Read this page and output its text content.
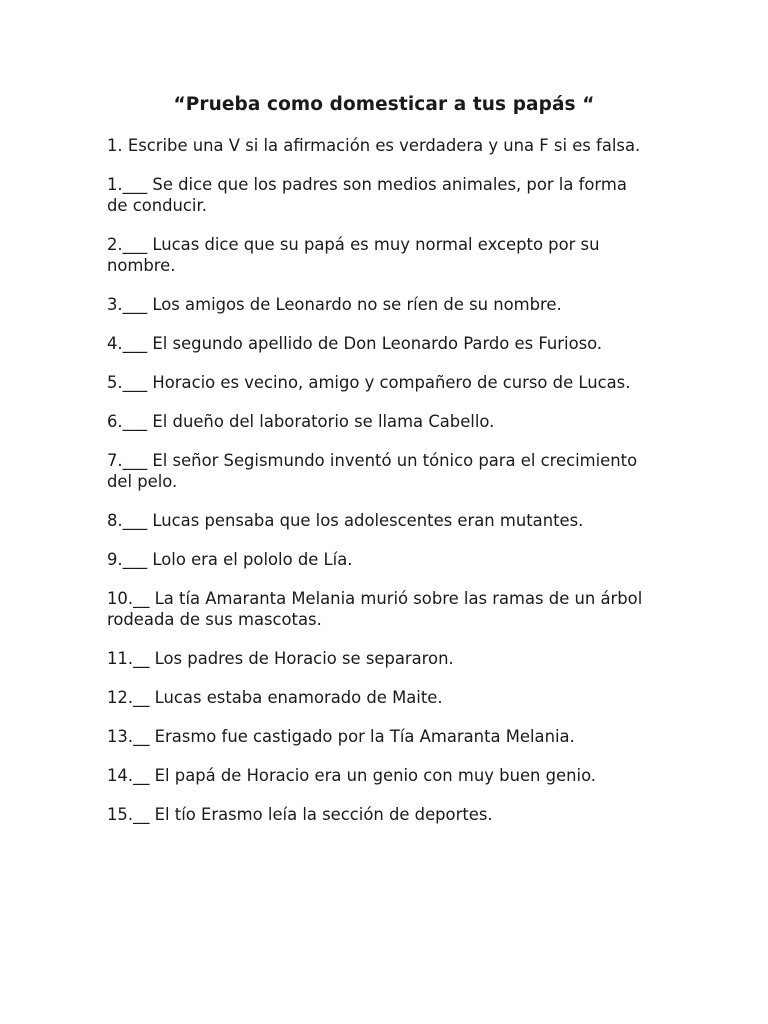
“Prueba como domesticar a tus papás “

1. Escribe una V si la afirmación es verdadera y una F si es falsa.

1.___ Se dice que los padres son medios animales, por la forma de conducir.

2.___ Lucas dice que su papá es muy normal excepto por su nombre.

3.___ Los amigos de Leonardo no se ríen de su nombre.

4.___ El segundo apellido de Don Leonardo Pardo es Furioso.

5.___ Horacio es vecino, amigo y compañero de curso de Lucas.

6.___ El dueño del laboratorio se llama Cabello.

7.___ El señor Segismundo inventó un tónico para el crecimiento del pelo.

8.___ Lucas pensaba que los adolescentes eran mutantes.

9.___ Lolo era el pololo de Lía.

10.__ La tía Amaranta Melania murió sobre las ramas de un árbol rodeada de sus mascotas.

11.__ Los padres de Horacio se separaron.

12.__ Lucas estaba enamorado de Maite.

13.__ Erasmo fue castigado por la Tía Amaranta Melania.

14.__ El papá de Horacio era un genio con muy buen genio.

15.__ El tío Erasmo leía la sección de deportes.
